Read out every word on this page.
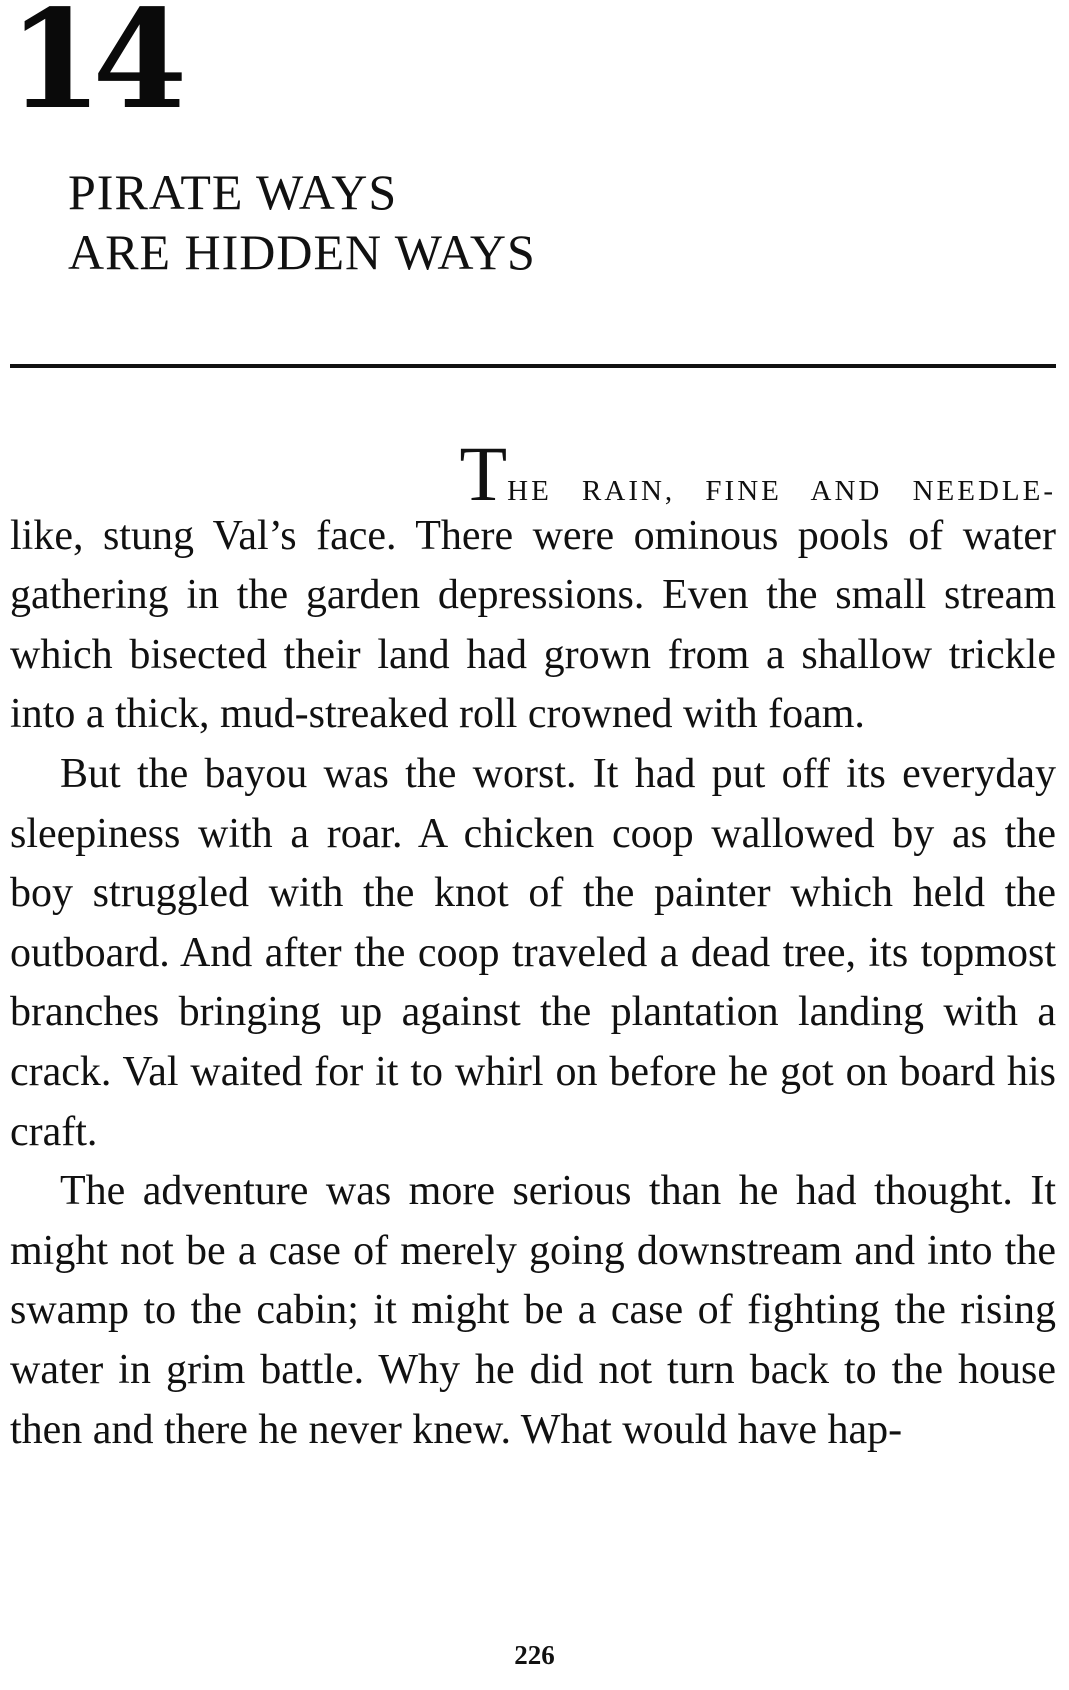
14
PIRATE WAYS
ARE HIDDEN WAYS

THE RAIN, FINE AND NEEDLE-
like, stung Val’s face. There were ominous pools of water gathering in the garden depressions. Even the small stream which bisected their land had grown from a shallow trickle into a thick, mud-streaked roll crowned with foam.

But the bayou was the worst. It had put off its everyday sleepiness with a roar. A chicken coop wallowed by as the boy struggled with the knot of the painter which held the outboard. And after the coop traveled a dead tree, its topmost branches bringing up against the plantation landing with a crack. Val waited for it to whirl on before he got on board his craft.

The adventure was more serious than he had thought. It might not be a case of merely going downstream and into the swamp to the cabin; it might be a case of fighting the rising water in grim battle. Why he did not turn back to the house then and there he never knew. What would have hap-

226
